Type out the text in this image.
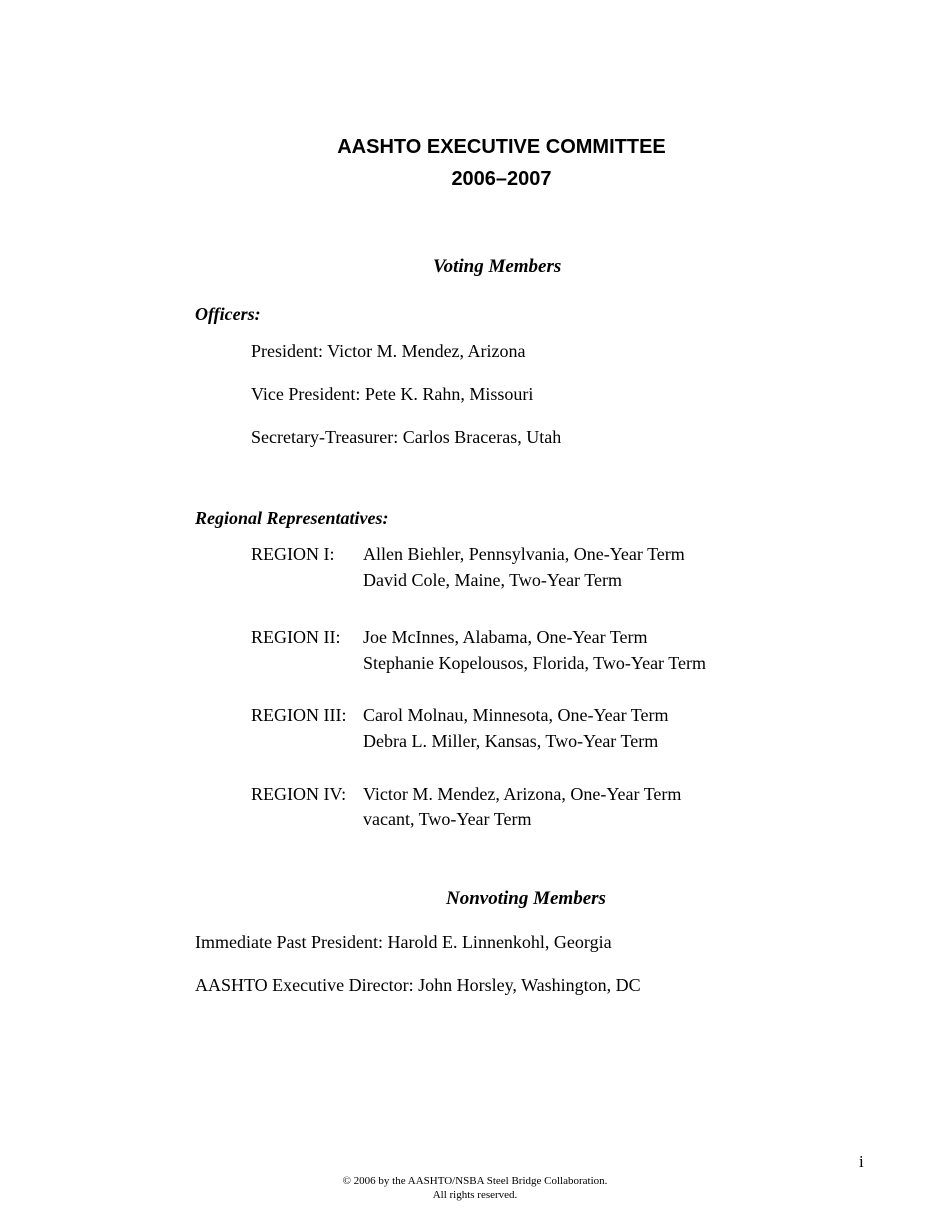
AASHTO EXECUTIVE COMMITTEE
2006–2007
Voting Members
Officers:
President: Victor M. Mendez, Arizona
Vice President: Pete K. Rahn, Missouri
Secretary-Treasurer: Carlos Braceras, Utah
Regional Representatives:
REGION I: Allen Biehler, Pennsylvania, One-Year Term
David Cole, Maine, Two-Year Term
REGION II: Joe McInnes, Alabama, One-Year Term
Stephanie Kopelousos, Florida, Two-Year Term
REGION III: Carol Molnau, Minnesota, One-Year Term
Debra L. Miller, Kansas, Two-Year Term
REGION IV: Victor M. Mendez, Arizona, One-Year Term
vacant, Two-Year Term
Nonvoting Members
Immediate Past President: Harold E. Linnenkohl, Georgia
AASHTO Executive Director: John Horsley, Washington, DC
i
© 2006 by the AASHTO/NSBA Steel Bridge Collaboration.
All rights reserved.
